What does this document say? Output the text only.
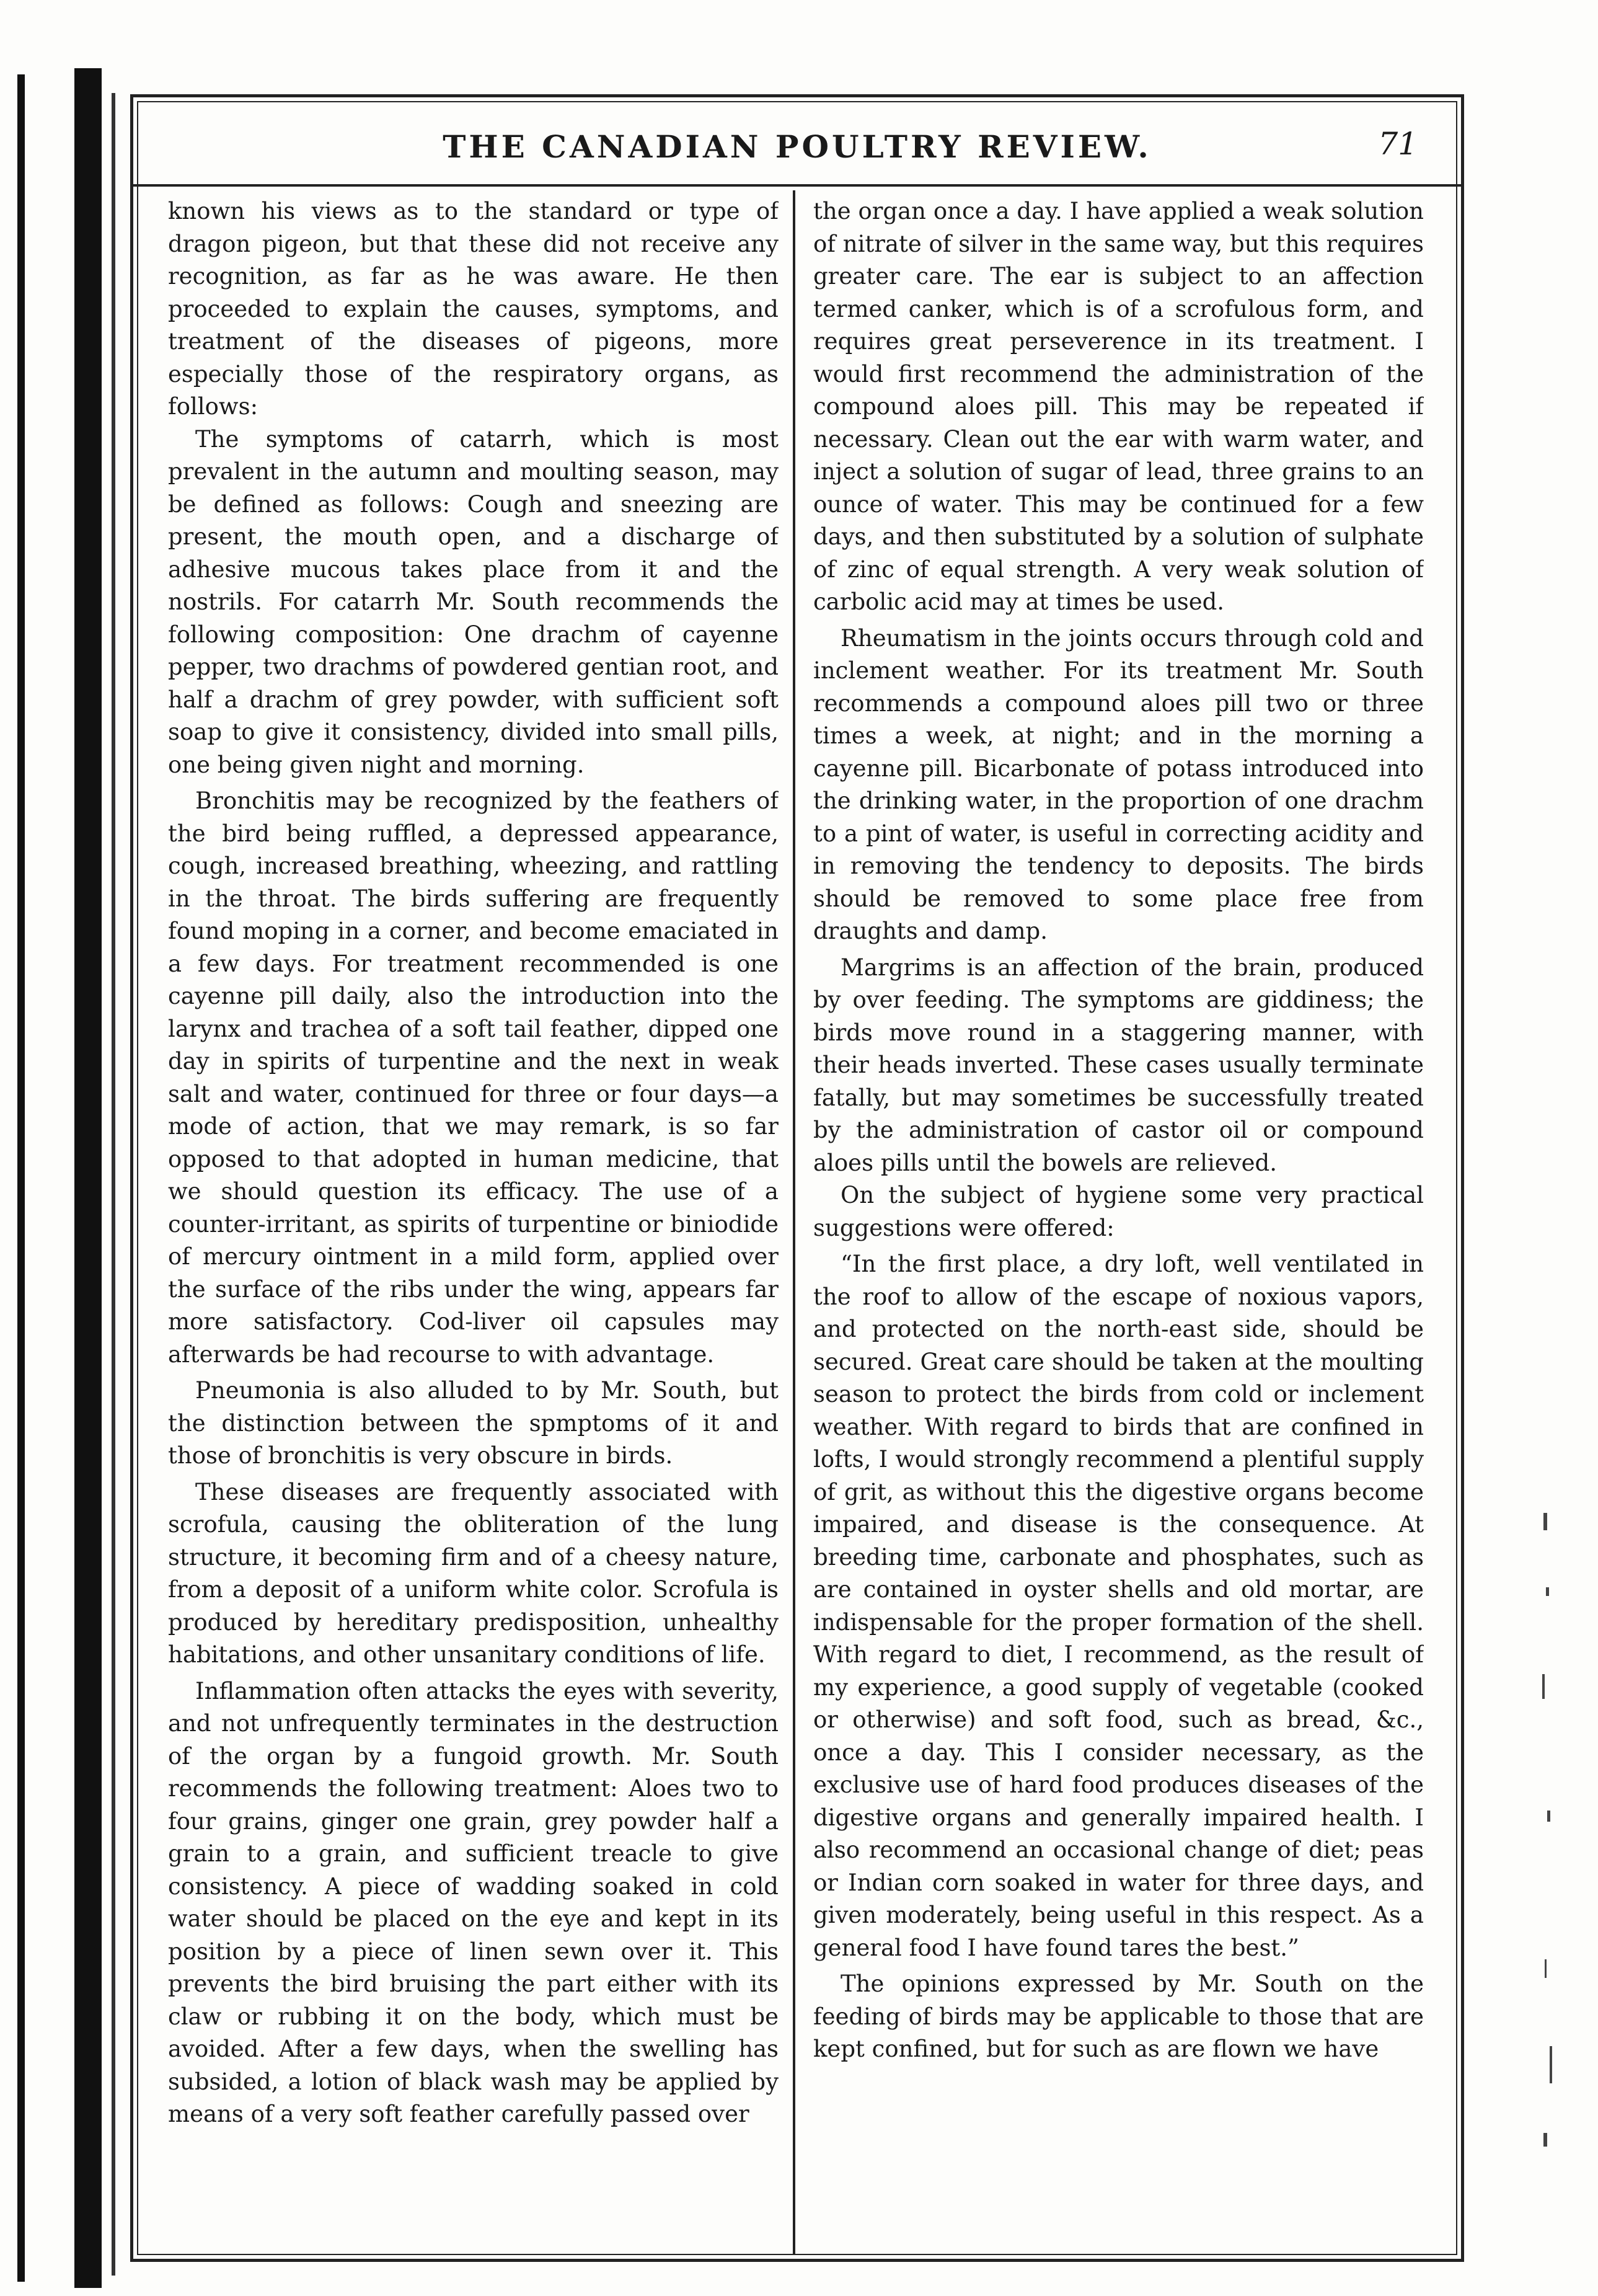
THE CANADIAN POULTRY REVIEW.	71

known his views as to the standard or type of dragon pigeon, but that these did not receive any recognition, as far as he was aware. He then proceeded to explain the causes, symptoms, and treatment of the diseases of pigeons, more especially those of the respiratory organs, as follows:

The symptoms of catarrh, which is most prevalent in the autumn and moulting season, may be defined as follows: Cough and sneezing are present, the mouth open, and a discharge of adhesive mucous takes place from it and the nostrils. For catarrh Mr. South recommends the following composition: One drachm of cayenne pepper, two drachms of powdered gentian root, and half a drachm of grey powder, with sufficient soft soap to give it consistency, divided into small pills, one being given night and morning.

Bronchitis may be recognized by the feathers of the bird being ruffled, a depressed appearance, cough, increased breathing, wheezing, and rattling in the throat. The birds suffering are frequently found moping in a corner, and become emaciated in a few days. For treatment recommended is one cayenne pill daily, also the introduction into the larynx and trachea of a soft tail feather, dipped one day in spirits of turpentine and the next in weak salt and water, continued for three or four days—a mode of action, that we may remark, is so far opposed to that adopted in human medicine, that we should question its efficacy. The use of a counter-irritant, as spirits of turpentine or biniodide of mercury ointment in a mild form, applied over the surface of the ribs under the wing, appears far more satisfactory. Cod-liver oil capsules may afterwards be had recourse to with advantage.

Pneumonia is also alluded to by Mr. South, but the distinction between the spmptoms of it and those of bronchitis is very obscure in birds.

These diseases are frequently associated with scrofula, causing the obliteration of the lung structure, it becoming firm and of a cheesy nature, from a deposit of a uniform white color. Scrofula is produced by hereditary predisposition, unhealthy habitations, and other unsanitary conditions of life.

Inflammation often attacks the eyes with severity, and not unfrequently terminates in the destruction of the organ by a fungoid growth. Mr. South recommends the following treatment: Aloes two to four grains, ginger one grain, grey powder half a grain to a grain, and sufficient treacle to give consistency. A piece of wadding soaked in cold water should be placed on the eye and kept in its position by a piece of linen sewn over it. This prevents the bird bruising the part either with its claw or rubbing it on the body, which must be avoided. After a few days, when the swelling has subsided, a lotion of black wash may be applied by means of a very soft feather carefully passed over

the organ once a day. I have applied a weak solution of nitrate of silver in the same way, but this requires greater care. The ear is subject to an affection termed canker, which is of a scrofulous form, and requires great perseverence in its treatment. I would first recommend the administration of the compound aloes pill. This may be repeated if necessary. Clean out the ear with warm water, and inject a solution of sugar of lead, three grains to an ounce of water. This may be continued for a few days, and then substituted by a solution of sulphate of zinc of equal strength. A very weak solution of carbolic acid may at times be used.

Rheumatism in the joints occurs through cold and inclement weather. For its treatment Mr. South recommends a compound aloes pill two or three times a week, at night; and in the morning a cayenne pill. Bicarbonate of potass introduced into the drinking water, in the proportion of one drachm to a pint of water, is useful in correcting acidity and in removing the tendency to deposits. The birds should be removed to some place free from draughts and damp.

Margrims is an affection of the brain, produced by over feeding. The symptoms are giddiness; the birds move round in a staggering manner, with their heads inverted. These cases usually terminate fatally, but may sometimes be successfully treated by the administration of castor oil or compound aloes pills until the bowels are relieved.

On the subject of hygiene some very practical suggestions were offered:

“In the first place, a dry loft, well ventilated in the roof to allow of the escape of noxious vapors, and protected on the north-east side, should be secured. Great care should be taken at the moulting season to protect the birds from cold or inclement weather. With regard to birds that are confined in lofts, I would strongly recommend a plentiful supply of grit, as without this the digestive organs become impaired, and disease is the consequence. At breeding time, carbonate and phosphates, such as are contained in oyster shells and old mortar, are indispensable for the proper formation of the shell. With regard to diet, I recommend, as the result of my experience, a good supply of vegetable (cooked or otherwise) and soft food, such as bread, &c., once a day. This I consider necessary, as the exclusive use of hard food produces diseases of the digestive organs and generally impaired health. I also recommend an occasional change of diet; peas or Indian corn soaked in water for three days, and given moderately, being useful in this respect. As a general food I have found tares the best.”

The opinions expressed by Mr. South on the feeding of birds may be applicable to those that are kept confined, but for such as are flown we have
